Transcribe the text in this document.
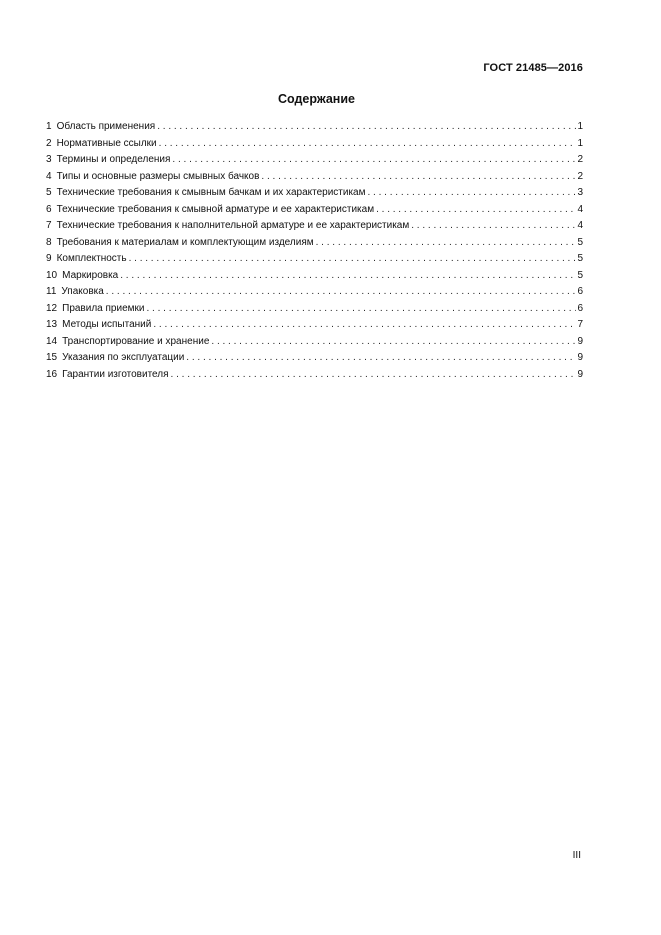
ГОСТ 21485—2016
Содержание
1 Область применения . . .	1
2 Нормативные ссылки . . .	1
3 Термины и определения . . .	2
4 Типы и основные размеры смывных бачков . . .	2
5 Технические требования к смывным бачкам и их характеристикам . . .	3
6 Технические требования к смывной арматуре и ее характеристикам . . .	4
7 Технические требования к наполнительной арматуре и ее характеристикам . . .	4
8 Требования к материалам и комплектующим изделиям . . .	5
9 Комплектность . . .	5
10 Маркировка . . .	5
11 Упаковка . . .	6
12 Правила приемки . . .	6
13 Методы испытаний . . .	7
14 Транспортирование и хранение . . .	9
15 Указания по эксплуатации . . .	9
16 Гарантии изготовителя . . .	9
III
